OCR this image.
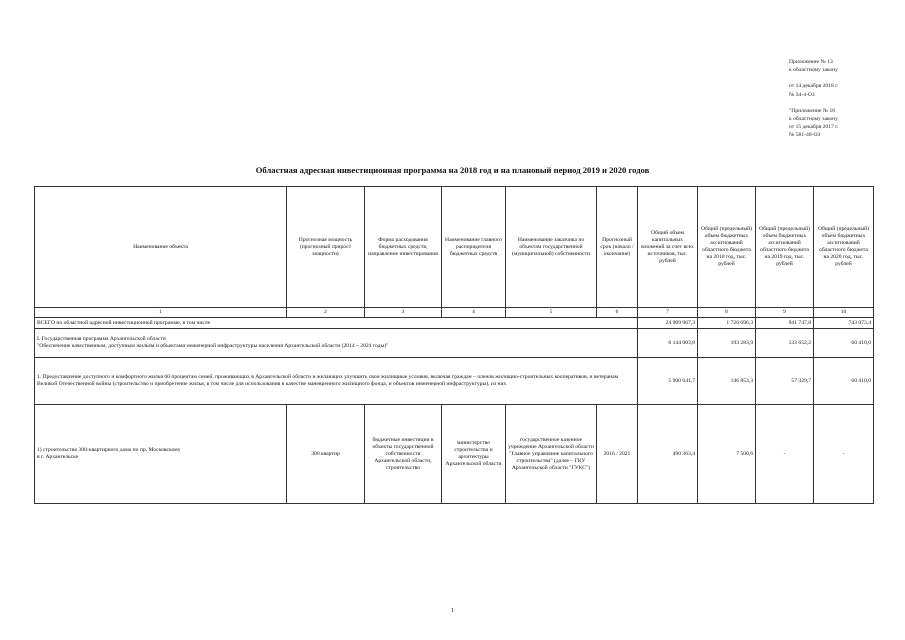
Приложение № 13
к областному закону
от 14 декабря 2018 г.
№ 34-4-ОЗ
"Приложение № 16
к областному закону
от 15 декабря 2017 г.
№ 581-40-ОЗ
Областная адресная инвестиционная программа на 2018 год и на плановый период 2019 и 2020 годов
Наименование объекта	Прогнозная мощность (прогнозный прирост мощности)	Форма расходования бюджетных средств, направление инвестирования	Наименование главного распорядителя бюджетных средств	Наименование заказчика по объектам государственной (муниципальной) собственности	Прогнозный срок (начало / окончание)	Общий объем капитальных вложений за счет всех источников, тыс. рублей	Общий (предельный) объем бюджетных ассигнований областного бюджета на 2018 год, тыс. рублей	Общий (предельный) объем бюджетных ассигнований областного бюджета на 2019 год, тыс. рублей	Общий (предельный) объем бюджетных ассигнований областного бюджета на 2020 год, тыс. рублей
1	2	3	4	5	6	7	8	9	10
ВСЕГО по областной адресной инвестиционной программе, в том числе						24 909 967,3	1 726 696,3	941 747,8	743 073,4

I. Государственная программа Архангельской области
"Обеспечение качественным, доступным жильем и объектами инженерной инфраструктуры населения Архангельской области (2014 – 2024 годы)"						6 144 003,8	193 283,9	133 652,2	60 410,0
1. Предоставление доступного и комфортного жилья 60 процентам семей, проживающих в Архангельской области и желающих улучшить свои жилищные условия, включая граждан – членов жилищно-строительных кооперативов, и ветеранам Великой Отечественной войны (строительство и приобретение жилья, в том числе для использования в качестве маневренного жилищного фонда, и объектов инженерной инфраструктуры), из них						5 900 641,7	146 853,3	57 329,7	60 410,0

1) строительство 300-квартирного дома по пр. Московскому
в г. Архангельске	300 квартир	бюджетные инвестиции в объекты государственной собственности Архангельской области, строительство	министерство строительства и архитектуры Архангельской области	государственное казенное учреждение Архангельской области "Главное управление капитального строительства" (далее – ГКУ Архангельской области "ГУКС")	2016 / 2021	490 363,4	7 500,6	-	-
1
